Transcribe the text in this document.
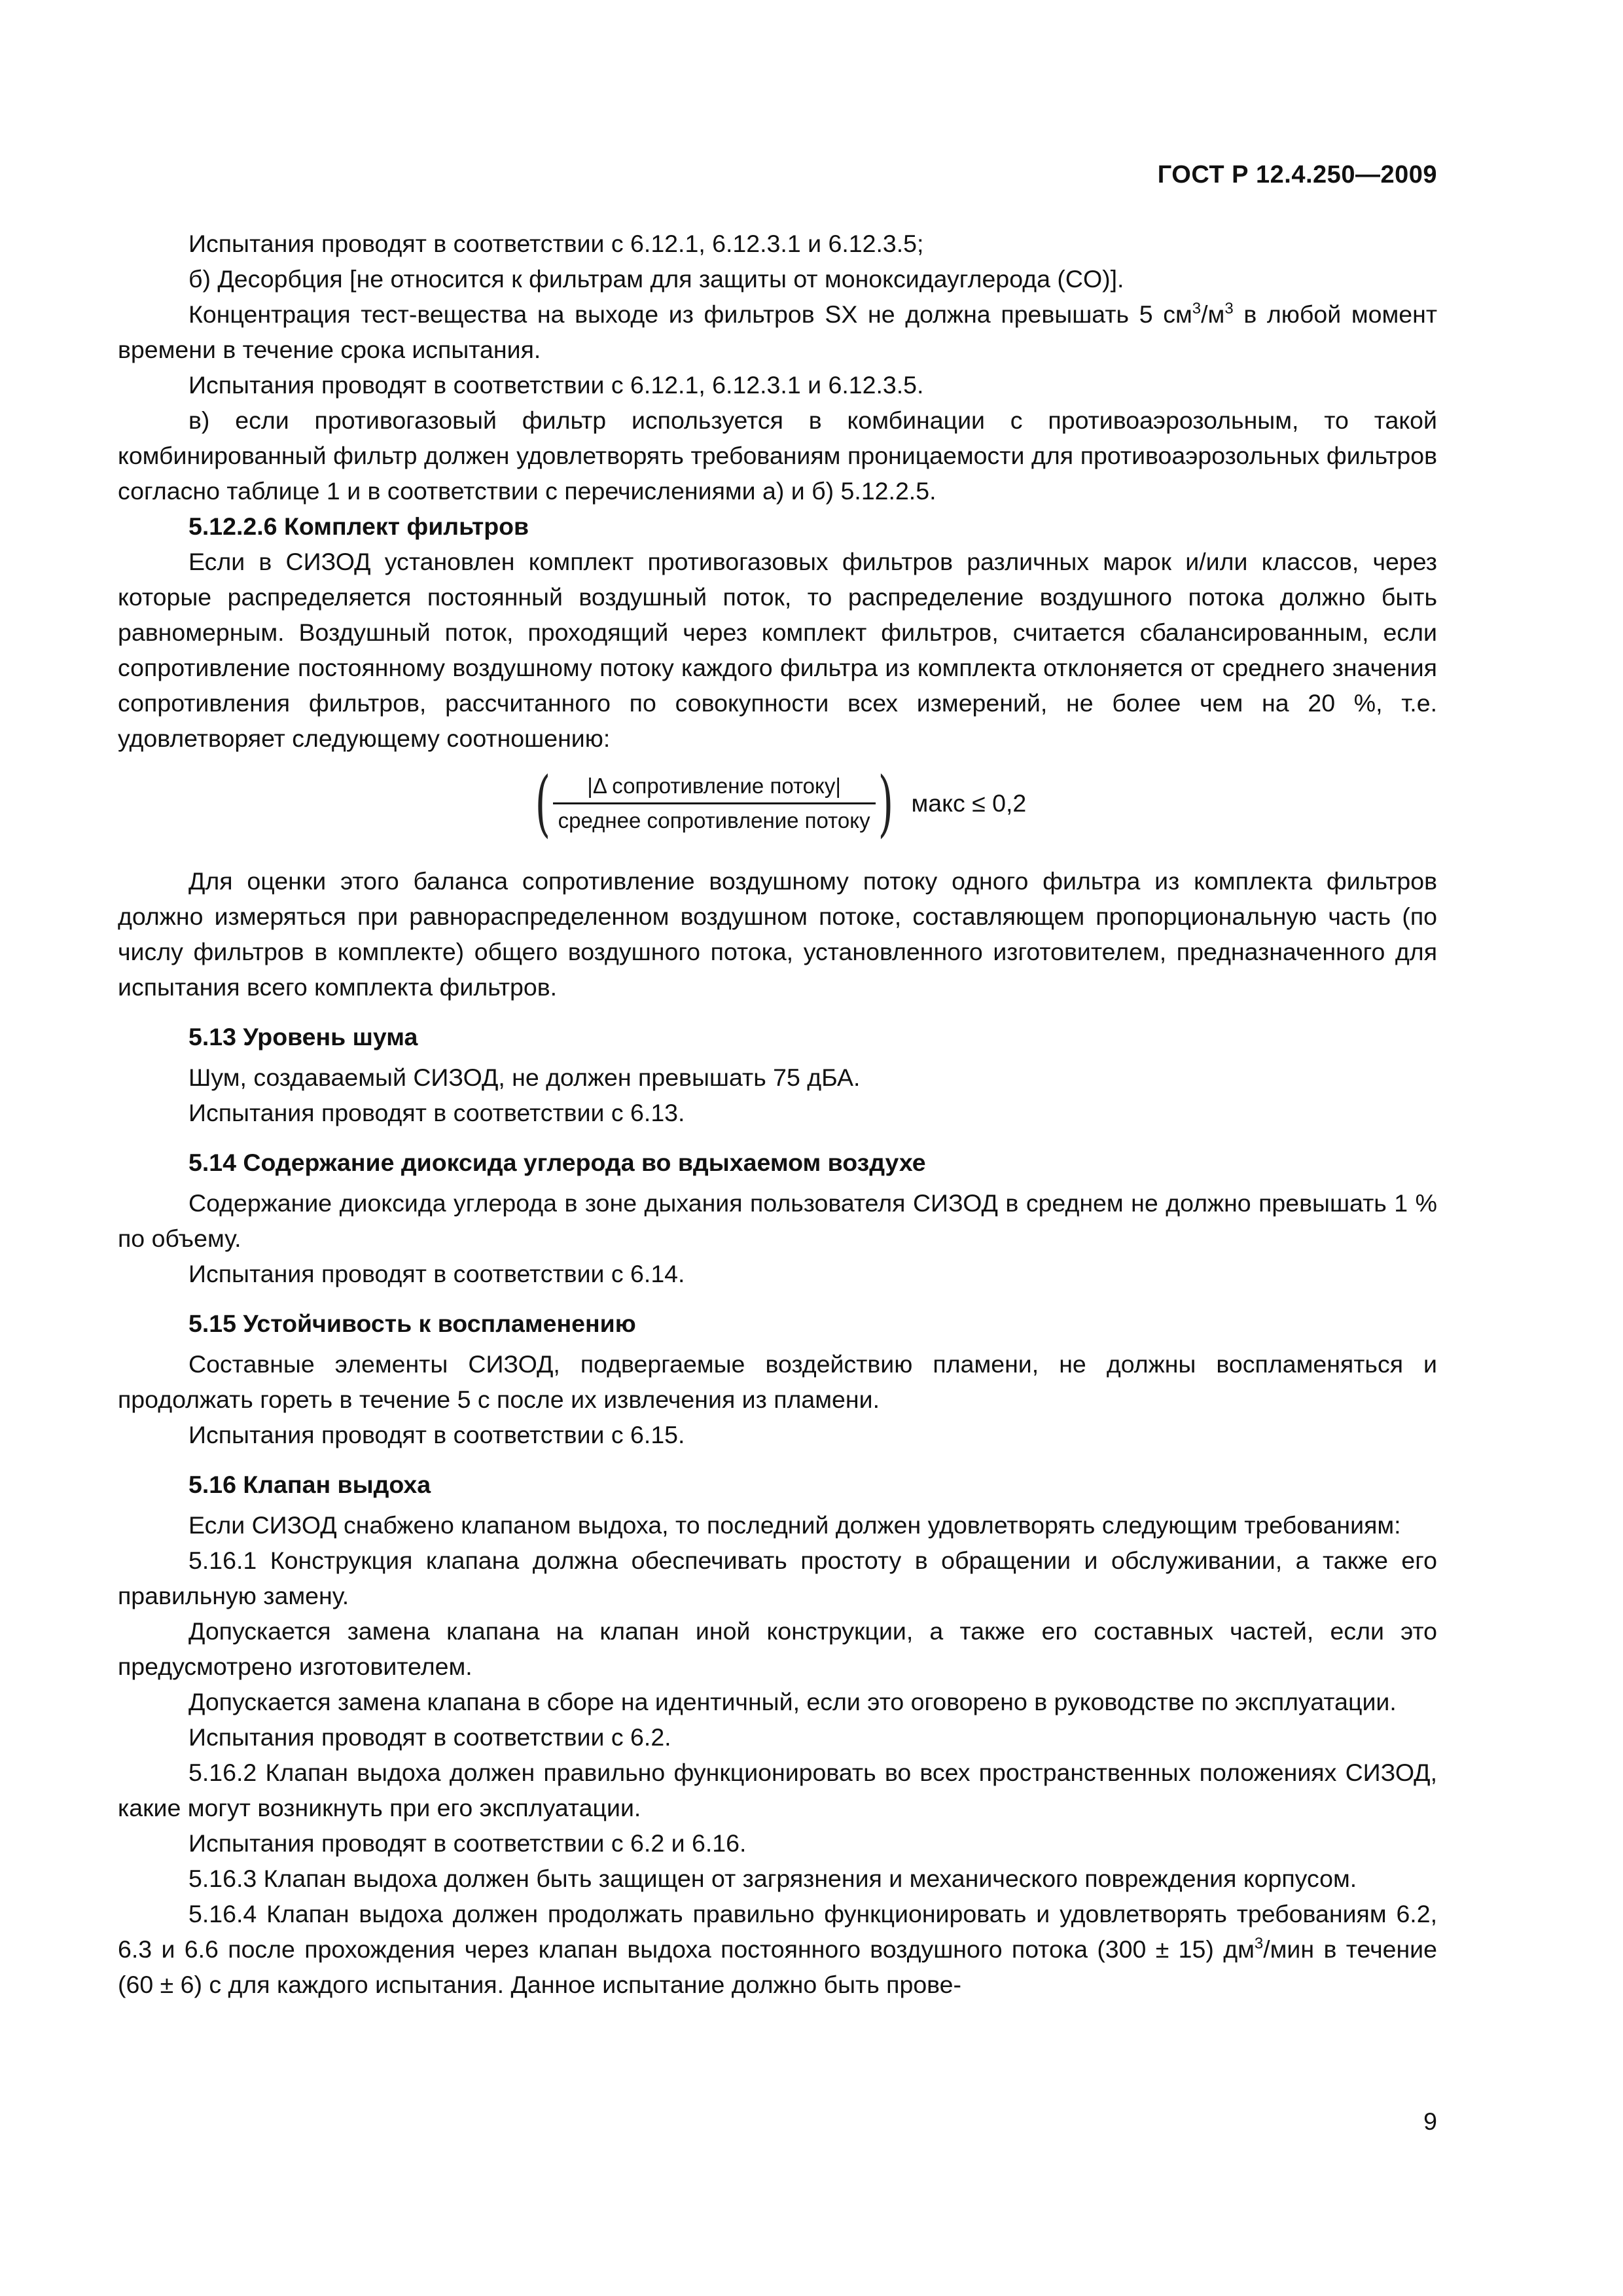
ГОСТ Р 12.4.250—2009

Испытания проводят в соответствии с 6.12.1, 6.12.3.1 и 6.12.3.5;

б) Десорбция [не относится к фильтрам для защиты от моноксидауглерода (CO)].

Концентрация тест-вещества на выходе из фильтров SX не должна превышать 5 $см^3/м^3$ в любой момент времени в течение срока испытания.

Испытания проводят в соответствии с 6.12.1, 6.12.3.1 и 6.12.3.5.

в) если противогазовый фильтр используется в комбинации с противоаэрозольным, то такой комбинированный фильтр должен удовлетворять требованиям проницаемости для противоаэрозольных фильтров согласно таблице 1 и в соответствии с перечислениями а) и б) 5.12.2.5.

5.12.2.6 Комплект фильтров

Если в СИЗОД установлен комплект противогазовых фильтров различных марок и/или классов, через которые распределяется постоянный воздушный поток, то распределение воздушного потока должно быть равномерным. Воздушный поток, проходящий через комплект фильтров, считается сбалансированным, если сопротивление постоянному воздушному потоку каждого фильтра из комплекта отклоняется от среднего значения сопротивления фильтров, рассчитанного по совокупности всех измерений, не более чем на 20 %, т.е. удовлетворяет следующему соотношению:

( $\frac{\text{|Δ сопротивление потоку|}}{\text{среднее сопротивление потоку}}$ ) макс ≤ 0,2

Для оценки этого баланса сопротивление воздушному потоку одного фильтра из комплекта фильтров должно измеряться при равнораспределенном воздушном потоке, составляющем пропорциональную часть (по числу фильтров в комплекте) общего воздушного потока, установленного изготовителем, предназначенного для испытания всего комплекта фильтров.

5.13 Уровень шума

Шум, создаваемый СИЗОД, не должен превышать 75 дБА.

Испытания проводят в соответствии с 6.13.

5.14 Содержание диоксида углерода во вдыхаемом воздухе

Содержание диоксида углерода в зоне дыхания пользователя СИЗОД в среднем не должно превышать 1 % по объему.

Испытания проводят в соответствии с 6.14.

5.15 Устойчивость к воспламенению

Составные элементы СИЗОД, подвергаемые воздействию пламени, не должны воспламеняться и продолжать гореть в течение 5 с после их извлечения из пламени.

Испытания проводят в соответствии с 6.15.

5.16 Клапан выдоха

Если СИЗОД снабжено клапаном выдоха, то последний должен удовлетворять следующим требованиям:

5.16.1 Конструкция клапана должна обеспечивать простоту в обращении и обслуживании, а также его правильную замену.

Допускается замена клапана на клапан иной конструкции, а также его составных частей, если это предусмотрено изготовителем.

Допускается замена клапана в сборе на идентичный, если это оговорено в руководстве по эксплуатации.

Испытания проводят в соответствии с 6.2.

5.16.2 Клапан выдоха должен правильно функционировать во всех пространственных положениях СИЗОД, какие могут возникнуть при его эксплуатации.

Испытания проводят в соответствии с 6.2 и 6.16.

5.16.3 Клапан выдоха должен быть защищен от загрязнения и механического повреждения корпусом.

5.16.4 Клапан выдоха должен продолжать правильно функционировать и удовлетворять требованиям 6.2, 6.3 и 6.6 после прохождения через клапан выдоха постоянного воздушного потока (300 ± 15) $дм^3$/мин в течение (60 ± 6) с для каждого испытания. Данное испытание должно быть прове-

9
